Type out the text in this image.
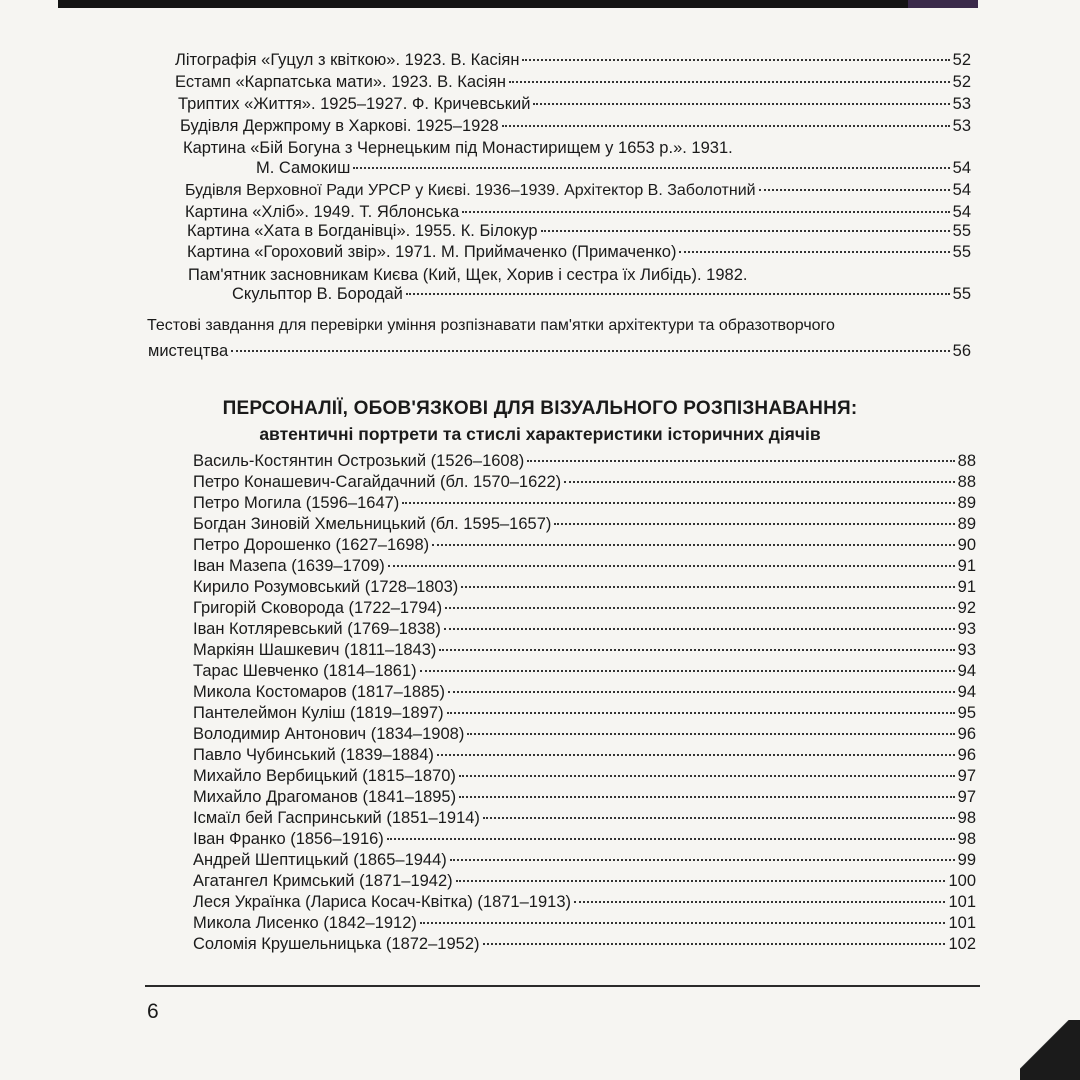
Літографія «Гуцул з квіткою». 1923. В. Касіян	52
Естамп «Карпатська мати». 1923. В. Касіян	52
Триптих «Життя». 1925–1927. Ф. Кричевський	53
Будівля Держпрому в Харкові. 1925–1928	53
Картина «Бій Богуна з Чернецьким під Монастирищем у 1653 р.». 1931.
М. Самокиш	54
Будівля Верховної Ради УРСР у Києві. 1936–1939. Архітектор В. Заболотний	54
Картина «Хліб». 1949. Т. Яблонська	54
Картина «Хата в Богданівці». 1955. К. Білокур	55
Картина «Гороховий звір». 1971. М. Приймаченко (Примаченко)	55
Пам'ятник засновникам Києва (Кий, Щек, Хорив і сестра їх Либідь). 1982.
Скульптор В. Бородай	55
Тестові завдання для перевірки уміння розпізнавати пам'ятки архітектури та образотворчого
мистецтва	56
ПЕРСОНАЛІЇ, ОБОВ'ЯЗКОВІ ДЛЯ ВІЗУАЛЬНОГО РОЗПІЗНАВАННЯ:
автентичні портрети та стислі характеристики історичних діячів
Василь-Костянтин Острозький (1526–1608)	88
Петро Конашевич-Сагайдачний (бл. 1570–1622)	88
Петро Могила (1596–1647)	89
Богдан Зиновій Хмельницький (бл. 1595–1657)	89
Петро Дорошенко (1627–1698)	90
Іван Мазепа (1639–1709)	91
Кирило Розумовський (1728–1803)	91
Григорій Сковорода (1722–1794)	92
Іван Котляревський (1769–1838)	93
Маркіян Шашкевич (1811–1843)	93
Тарас Шевченко (1814–1861)	94
Микола Костомаров (1817–1885)	94
Пантелеймон Куліш (1819–1897)	95
Володимир Антонович (1834–1908)	96
Павло Чубинський (1839–1884)	96
Михайло Вербицький (1815–1870)	97
Михайло Драгоманов (1841–1895)	97
Ісмаїл бей Гаспринський (1851–1914)	98
Іван Франко (1856–1916)	98
Андрей Шептицький (1865–1944)	99
Агатангел Кримський (1871–1942)	100
Леся Українка (Лариса Косач-Квітка) (1871–1913)	101
Микола Лисенко (1842–1912)	101
Соломія Крушельницька (1872–1952)	102
6
